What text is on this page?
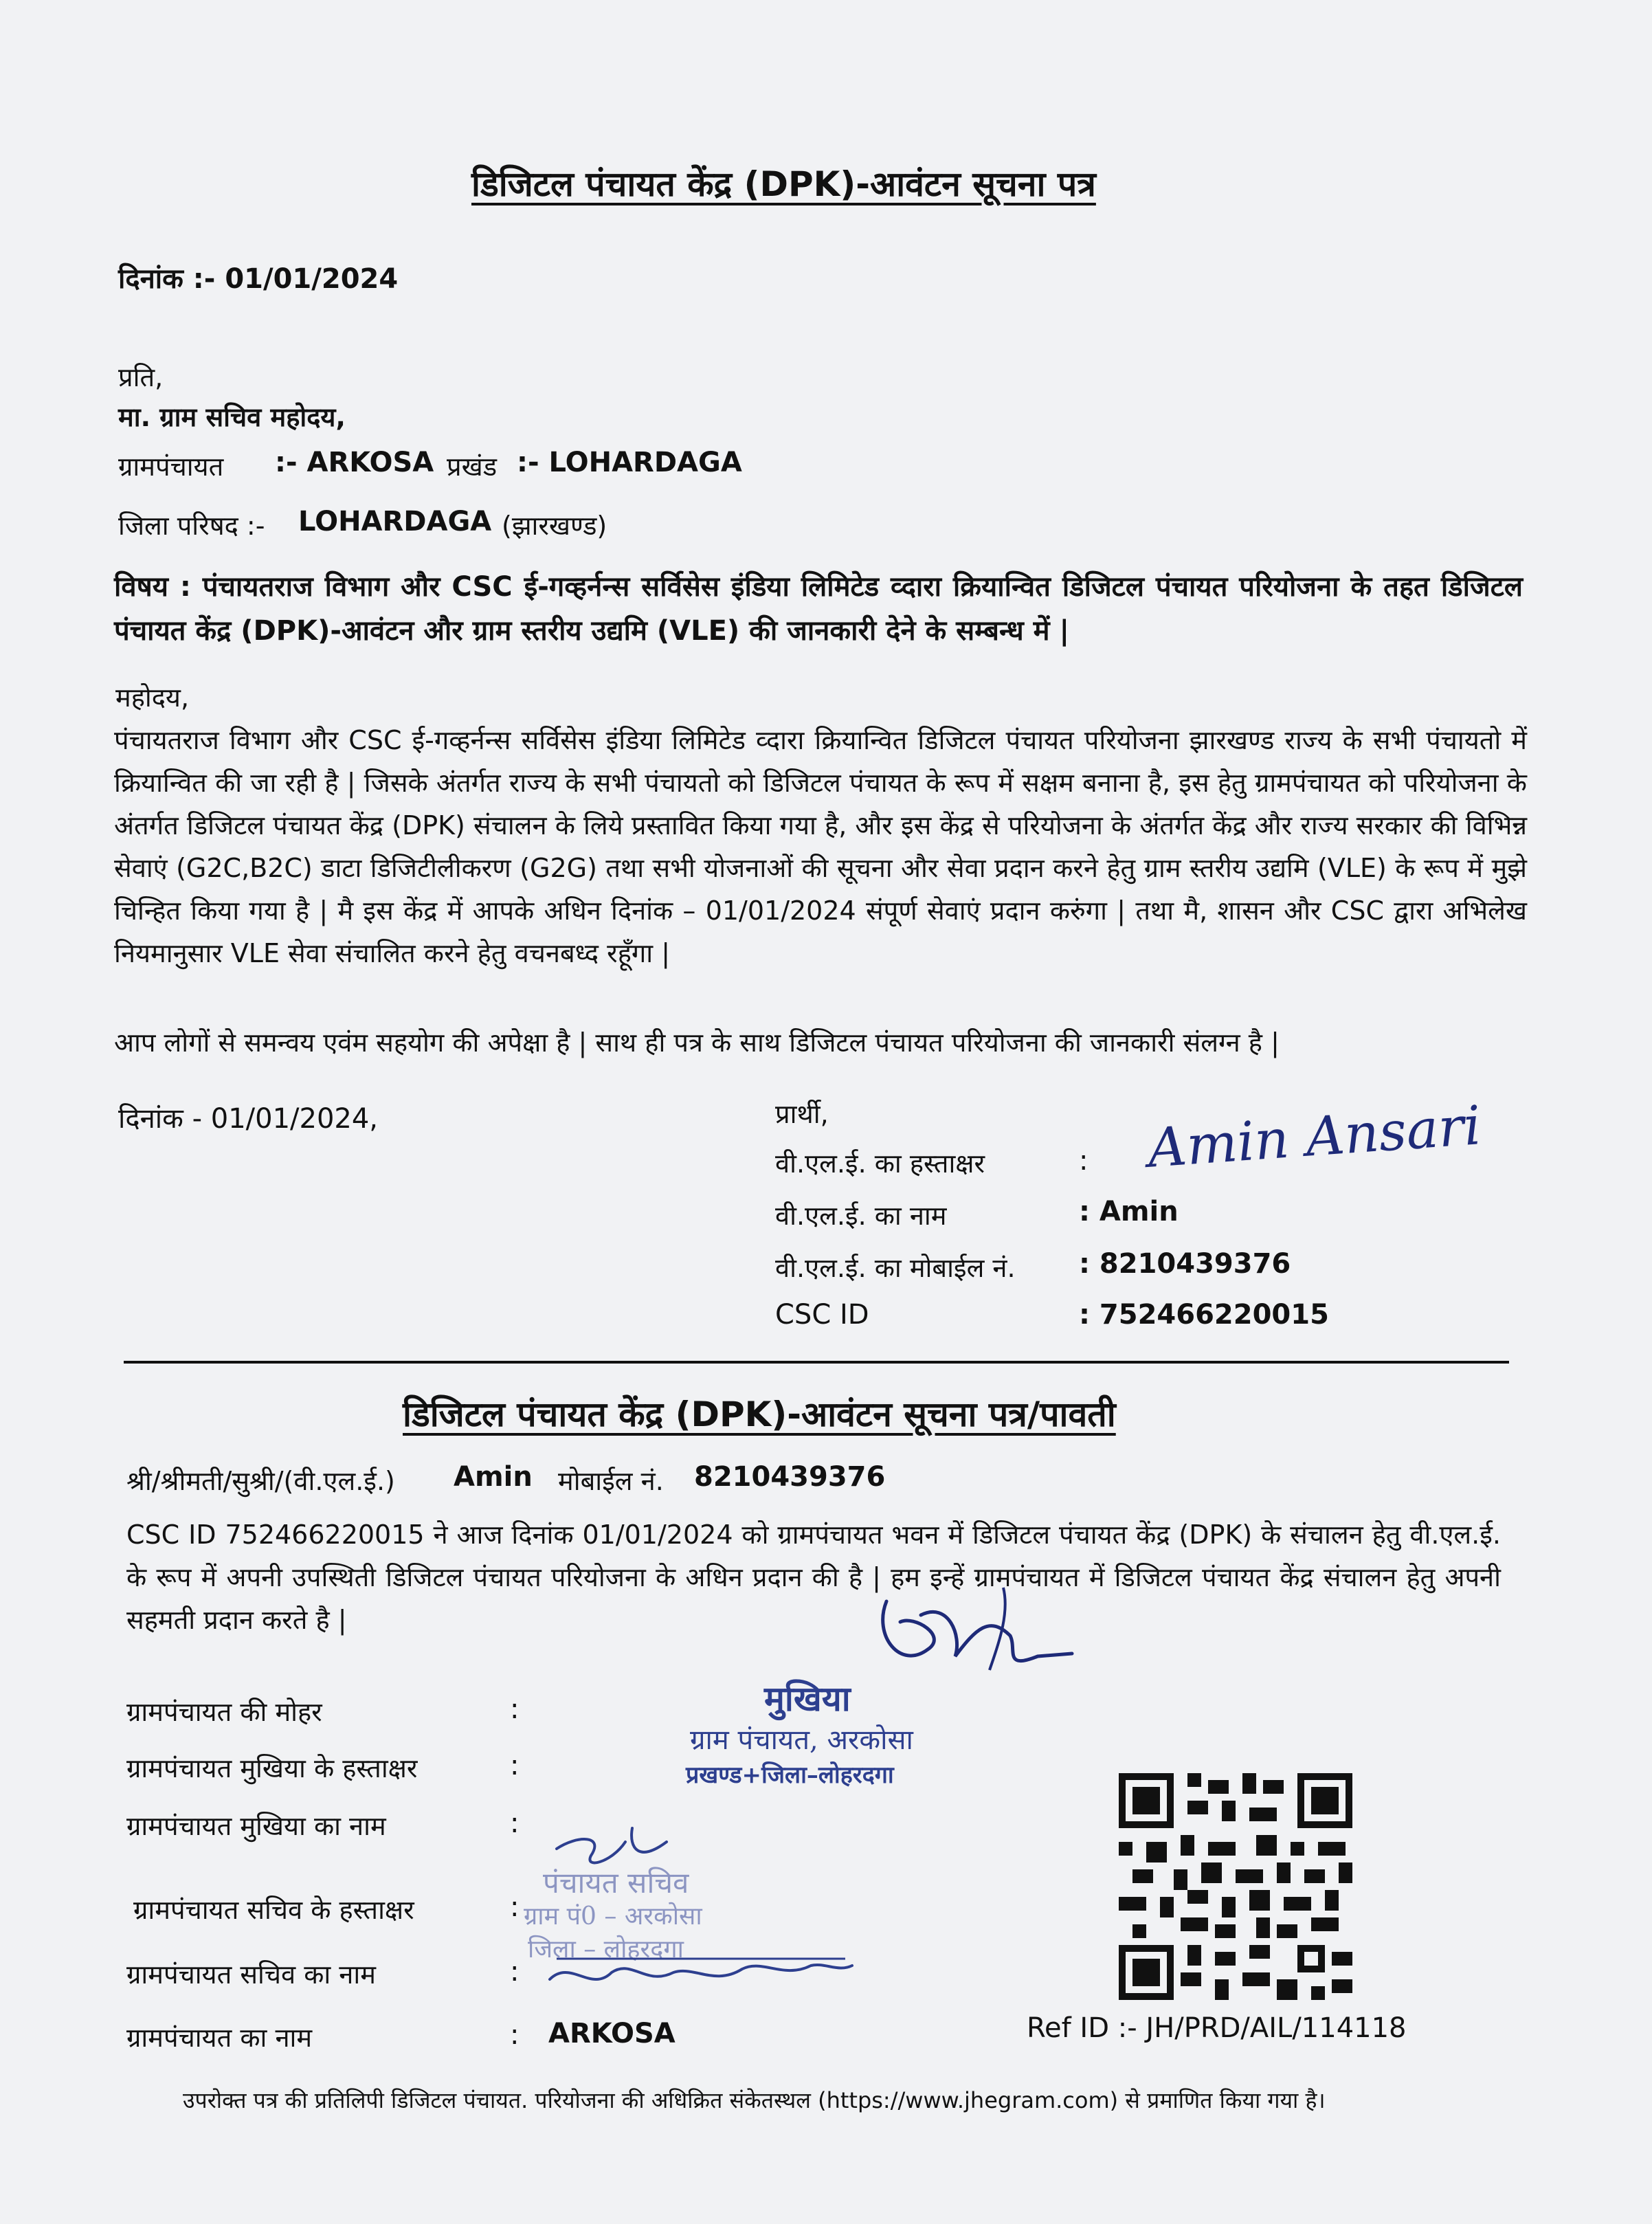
डिजिटल पंचायत केंद्र (DPK)-आवंटन सूचना पत्र
दिनांक :- 01/01/2024
प्रति,
मा. ग्राम सचिव महोदय,
ग्रामपंचायत :- ARKOSA प्रखंड :- LOHARDAGA
जिला परिषद :- LOHARDAGA (झारखण्ड)
विषय : पंचायतराज विभाग और CSC ई-गव्हर्नन्स सर्विसेस इंडिया लिमिटेड व्दारा क्रियान्वित डिजिटल पंचायत परियोजना के तहत डिजिटल पंचायत केंद्र (DPK)-आवंटन और ग्राम स्तरीय उद्यमि (VLE) की जानकारी देने के सम्बन्ध में |
महोदय,
पंचायतराज विभाग और CSC ई-गव्हर्नन्स सर्विसेस इंडिया लिमिटेड व्दारा क्रियान्वित डिजिटल पंचायत परियोजना झारखण्ड राज्य के सभी पंचायतो में क्रियान्वित की जा रही है | जिसके अंतर्गत राज्य के सभी पंचायतो को डिजिटल पंचायत के रूप में सक्षम बनाना है, इस हेतु ग्रामपंचायत को परियोजना के अंतर्गत डिजिटल पंचायत केंद्र (DPK) संचालन के लिये प्रस्तावित किया गया है, और इस केंद्र से परियोजना के अंतर्गत केंद्र और राज्य सरकार की विभिन्न सेवाएं (G2C,B2C) डाटा डिजिटीलीकरण (G2G) तथा सभी योजनाओं की सूचना और सेवा प्रदान करने हेतु ग्राम स्तरीय उद्यमि (VLE) के रूप में मुझे चिन्हित किया गया है | मै इस केंद्र में आपके अधिन दिनांक – 01/01/2024 संपूर्ण सेवाएं प्रदान करुंगा | तथा मै, शासन और CSC द्वारा अभिलेख नियमानुसार VLE सेवा संचालित करने हेतु वचनबध्द रहूँगा |
आप लोगों से समन्वय एवंम सहयोग की अपेक्षा है | साथ ही पत्र के साथ डिजिटल पंचायत परियोजना की जानकारी संलग्न है |
दिनांक - 01/01/2024,	प्रार्थी,
वी.एल.ई. का हस्ताक्षर	: Amin Ansari
वी.एल.ई. का नाम	: Amin
वी.एल.ई. का मोबाईल नं. : 8210439376
CSC ID	: 752466220015
डिजिटल पंचायत केंद्र (DPK)-आवंटन सूचना पत्र/पावती
श्री/श्रीमती/सुश्री/(वी.एल.ई.) Amin मोबाईल नं. 8210439376
CSC ID 752466220015 ने आज दिनांक 01/01/2024 को ग्रामपंचायत भवन में डिजिटल पंचायत केंद्र (DPK) के संचालन हेतु वी.एल.ई. के रूप में अपनी उपस्थिती डिजिटल पंचायत परियोजना के अधिन प्रदान की है | हम इन्हें ग्रामपंचायत में डिजिटल पंचायत केंद्र संचालन हेतु अपनी सहमती प्रदान करते है |
ग्रामपंचायत की मोहर	:
ग्रामपंचायत मुखिया के हस्ताक्षर	:
ग्रामपंचायत मुखिया का नाम	:
ग्रामपंचायत सचिव के हस्ताक्षर	:
ग्रामपंचायत सचिव का नाम	:
ग्रामपंचायत का नाम	: ARKOSA
मुखिया
ग्राम पंचायत, अरकोसा
प्रखण्ड+जिला–लोहरदगा
पंचायत सचिव
ग्राम पं0 – अरकोसा
जिला – लोहरदगा
Ref ID :- JH/PRD/AIL/114118
उपरोक्त पत्र की प्रतिलिपी डिजिटल पंचायत. परियोजना की अधिक्रित संकेतस्थल (https://www.jhegram.com) से प्रमाणित किया गया है।
